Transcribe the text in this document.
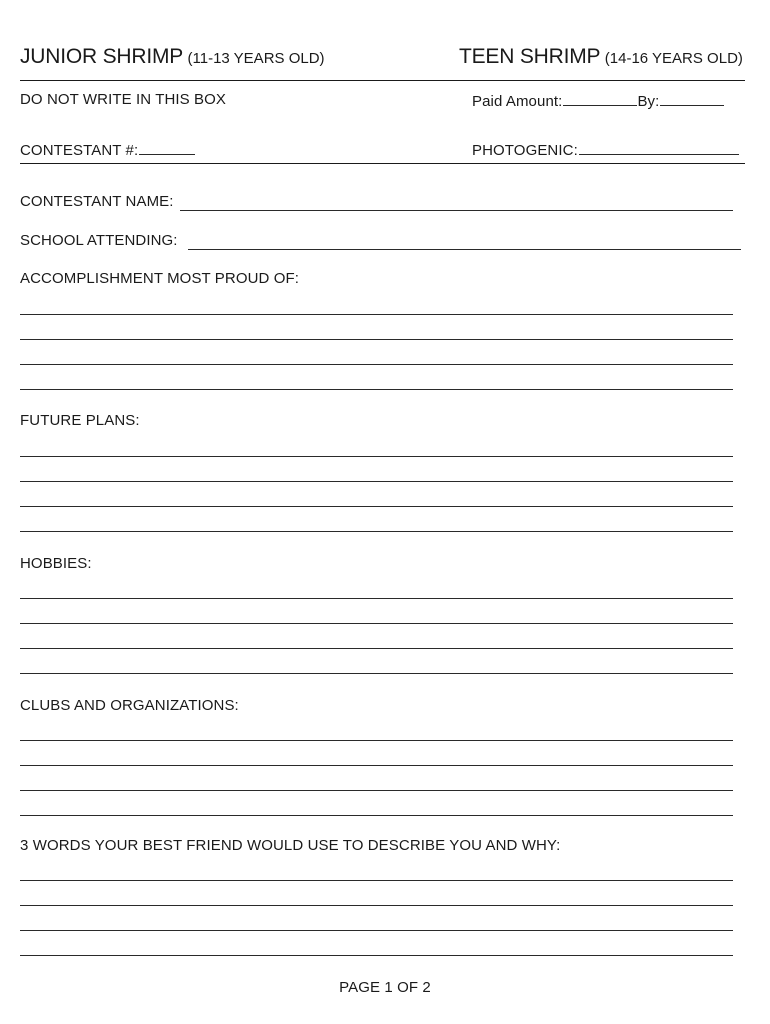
JUNIOR SHRIMP (11-13 YEARS OLD)	TEEN SHRIMP (14-16 YEARS OLD)
DO NOT WRITE IN THIS BOX	Paid Amount:	By:
CONTESTANT #:	PHOTOGENIC:
CONTESTANT NAME:
SCHOOL ATTENDING:
ACCOMPLISHMENT MOST PROUD OF:
FUTURE PLANS:
HOBBIES:
CLUBS AND ORGANIZATIONS:
3 WORDS YOUR BEST FRIEND WOULD USE TO DESCRIBE YOU AND WHY:
PAGE 1 OF 2
